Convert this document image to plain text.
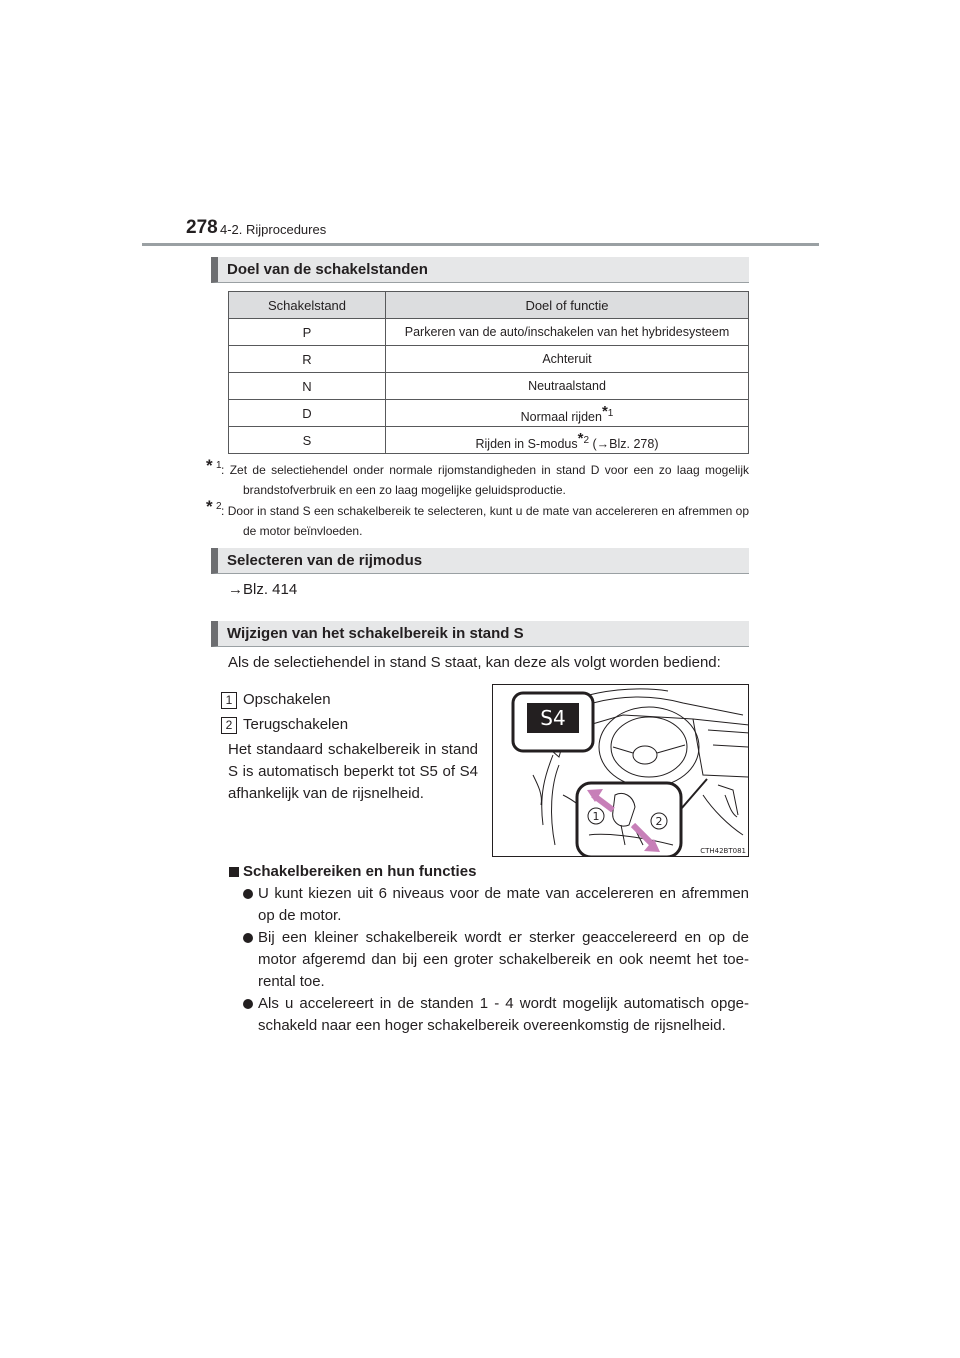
278 4-2. Rijprocedures
Doel van de schakelstanden
Schakelstand	Doel of functie
P	Parkeren van de auto/inschakelen van het hybridesysteem
R	Achteruit
N	Neutraalstand
D	Normaal rijden$^{*1}$
S	Rijden in S-modus$^{*2}$ (→Blz. 278)
* 1 : Zet de selectiehendel onder normale rijomstandigheden in stand D voor een zo laag mogelijk brandstofverbruik en een zo laag mogelijke geluidsproductie.
* 2 : Door in stand S een schakelbereik te selecteren, kunt u de mate van accelereren en afremmen op de motor beïnvloeden.
Selecteren van de rijmodus
→Blz. 414
Wijzigen van het schakelbereik in stand S
Als de selectiehendel in stand S staat, kan deze als volgt worden bediend:
1 Opschakelen
2 Terugschakelen
Het standaard schakelbereik in stand S is automatisch beperkt tot S5 of S4 afhankelijk van de rijsnelheid.
S4
1	2
CTH42BT081
Schakelbereiken en hun functies
U kunt kiezen uit 6 niveaus voor de mate van accelereren en afremmen op de motor.
Bij een kleiner schakelbereik wordt er sterker geaccelereerd en op de motor afgeremd dan bij een groter schakelbereik en ook neemt het toe-rental toe.
Als u accelereert in de standen 1 - 4 wordt mogelijk automatisch opge-schakeld naar een hoger schakelbereik overeenkomstig de rijsnelheid.
